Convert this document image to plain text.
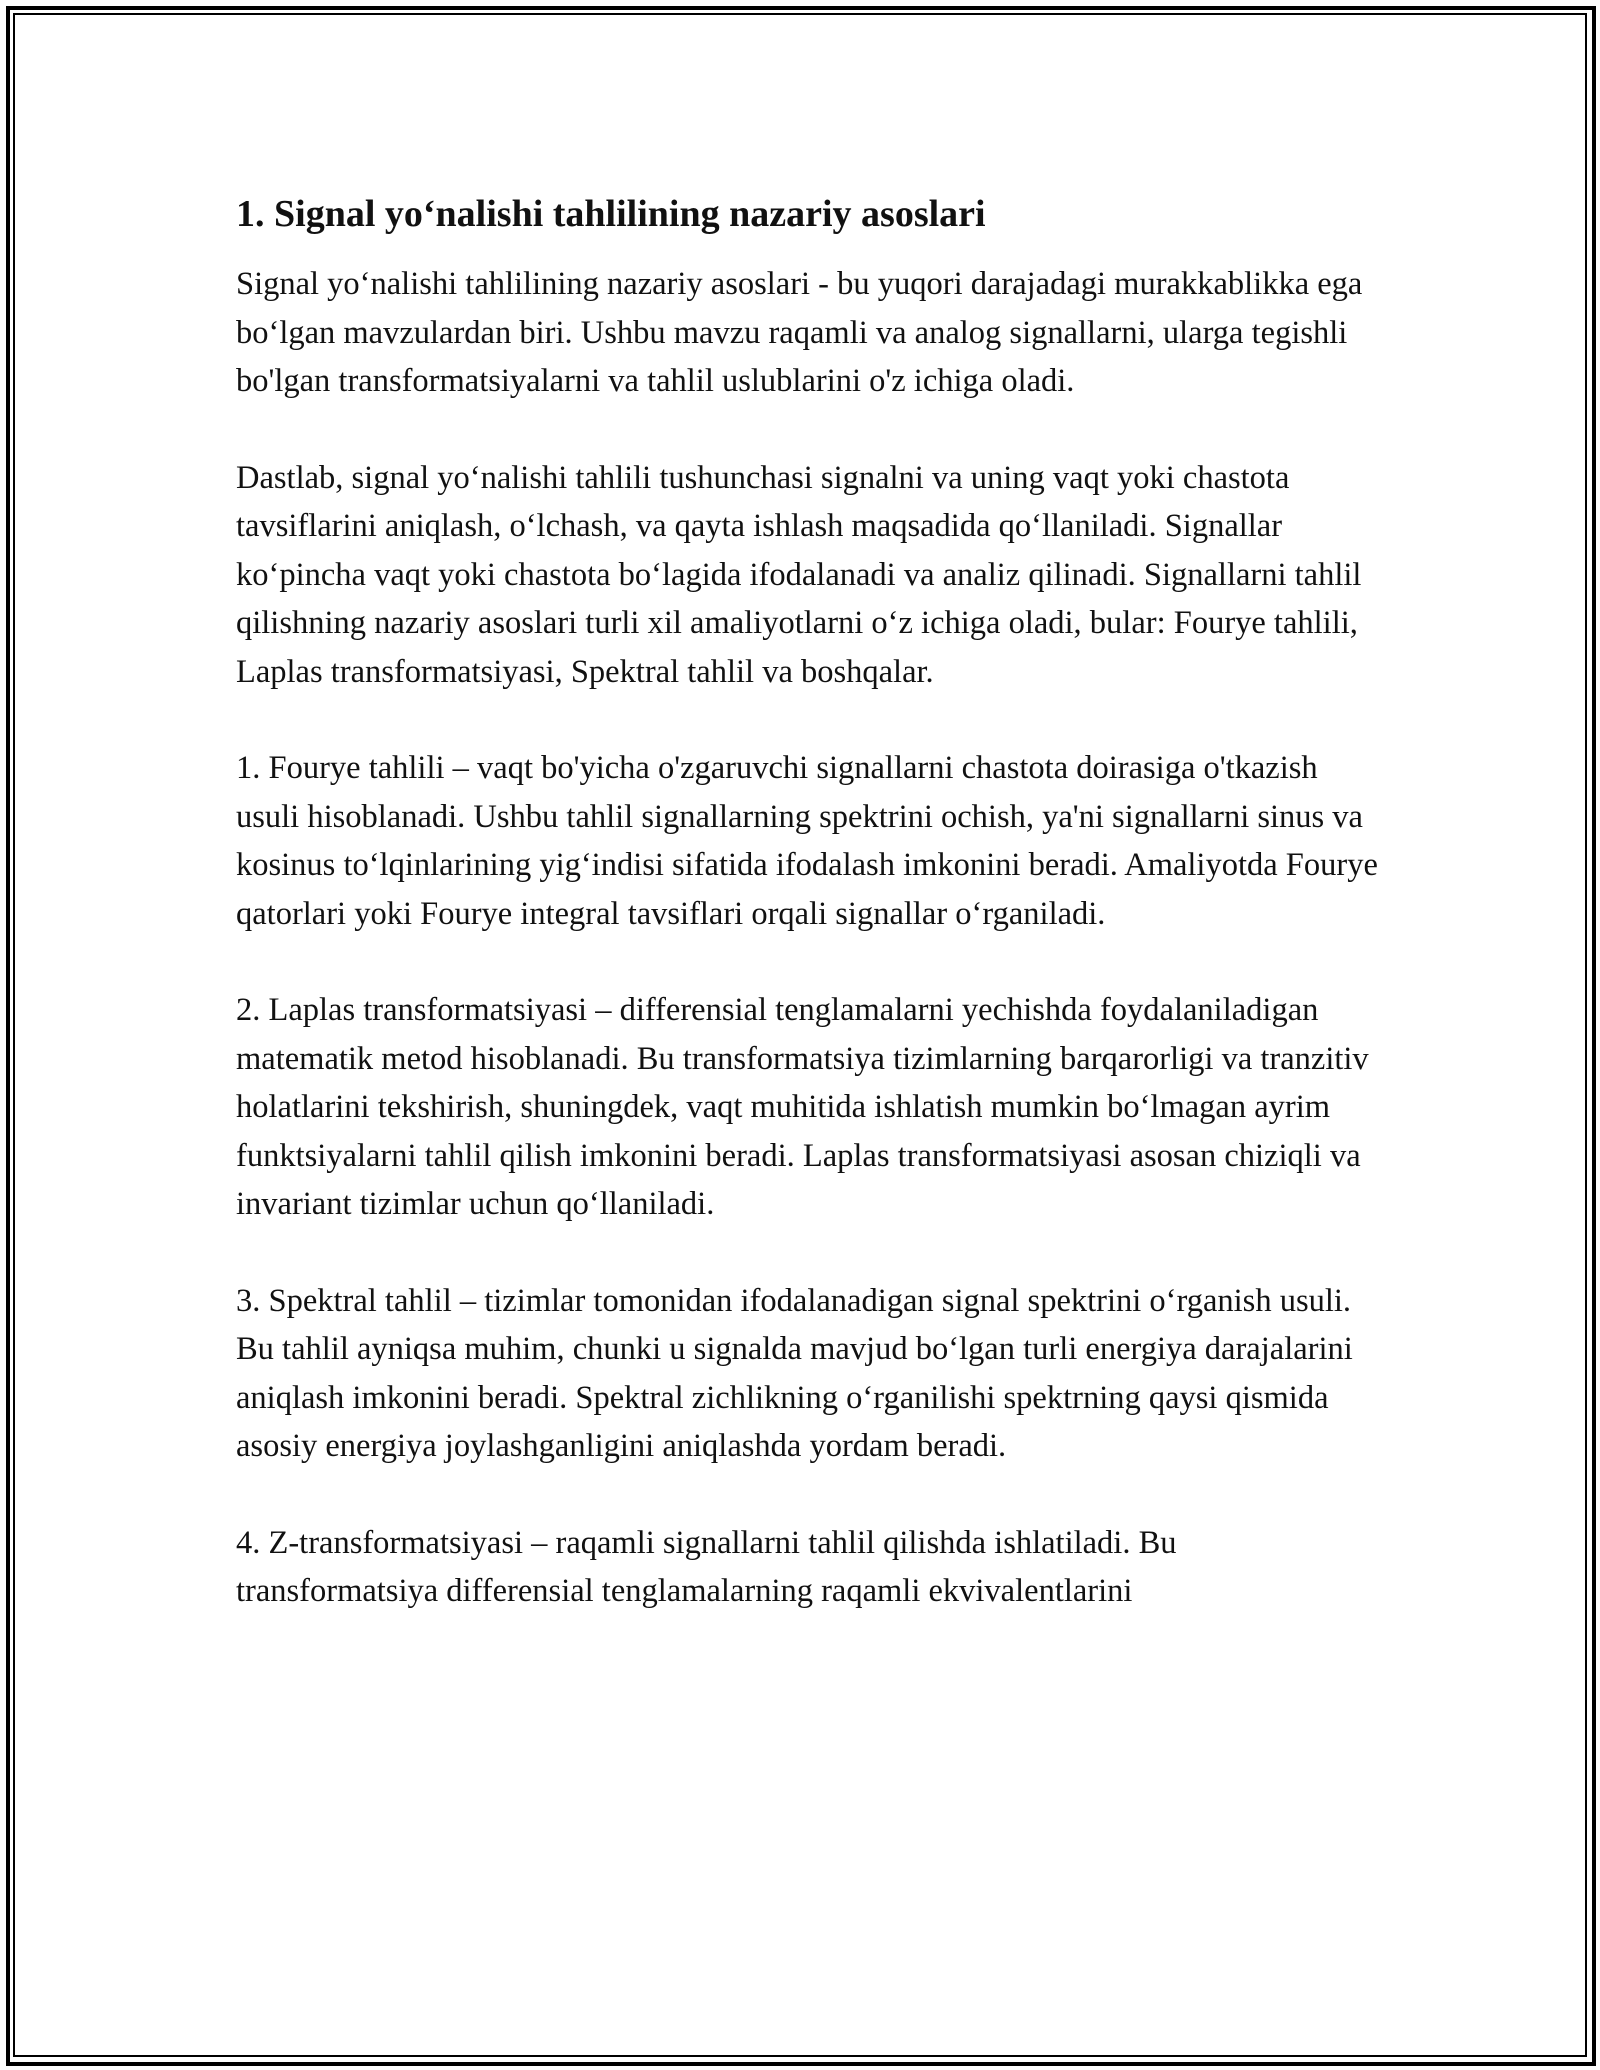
1. Signal yo‘nalishi tahlilining nazariy asoslari

Signal yo‘nalishi tahlilining nazariy asoslari - bu yuqori darajadagi murakkablikka ega bo‘lgan mavzulardan biri. Ushbu mavzu raqamli va analog signallarni, ularga tegishli bo'lgan transformatsiyalarni va tahlil uslublarini o'z ichiga oladi.

Dastlab, signal yo‘nalishi tahlili tushunchasi signalni va uning vaqt yoki chastota tavsiflarini aniqlash, o‘lchash, va qayta ishlash maqsadida qo‘llaniladi. Signallar ko‘pincha vaqt yoki chastota bo‘lagida ifodalanadi va analiz qilinadi. Signallarni tahlil qilishning nazariy asoslari turli xil amaliyotlarni o‘z ichiga oladi, bular: Fourye tahlili, Laplas transformatsiyasi, Spektral tahlil va boshqalar.

1. Fourye tahlili – vaqt bo'yicha o'zgaruvchi signallarni chastota doirasiga o'tkazish usuli hisoblanadi. Ushbu tahlil signallarning spektrini ochish, ya'ni signallarni sinus va kosinus to‘lqinlarining yig‘indisi sifatida ifodalash imkonini beradi. Amaliyotda Fourye qatorlari yoki Fourye integral tavsiflari orqali signallar o‘rganiladi.

2. Laplas transformatsiyasi – differensial tenglamalarni yechishda foydalaniladigan matematik metod hisoblanadi. Bu transformatsiya tizimlarning barqarorligi va tranzitiv holatlarini tekshirish, shuningdek, vaqt muhitida ishlatish mumkin bo‘lmagan ayrim funktsiyalarni tahlil qilish imkonini beradi. Laplas transformatsiyasi asosan chiziqli va invariant tizimlar uchun qo‘llaniladi.

3. Spektral tahlil – tizimlar tomonidan ifodalanadigan signal spektrini o‘rganish usuli. Bu tahlil ayniqsa muhim, chunki u signalda mavjud bo‘lgan turli energiya darajalarini aniqlash imkonini beradi. Spektral zichlikning o‘rganilishi spektrning qaysi qismida asosiy energiya joylashganligini aniqlashda yordam beradi.

4. Z-transformatsiyasi – raqamli signallarni tahlil qilishda ishlatiladi. Bu transformatsiya differensial tenglamalarning raqamli ekvivalentlarini
